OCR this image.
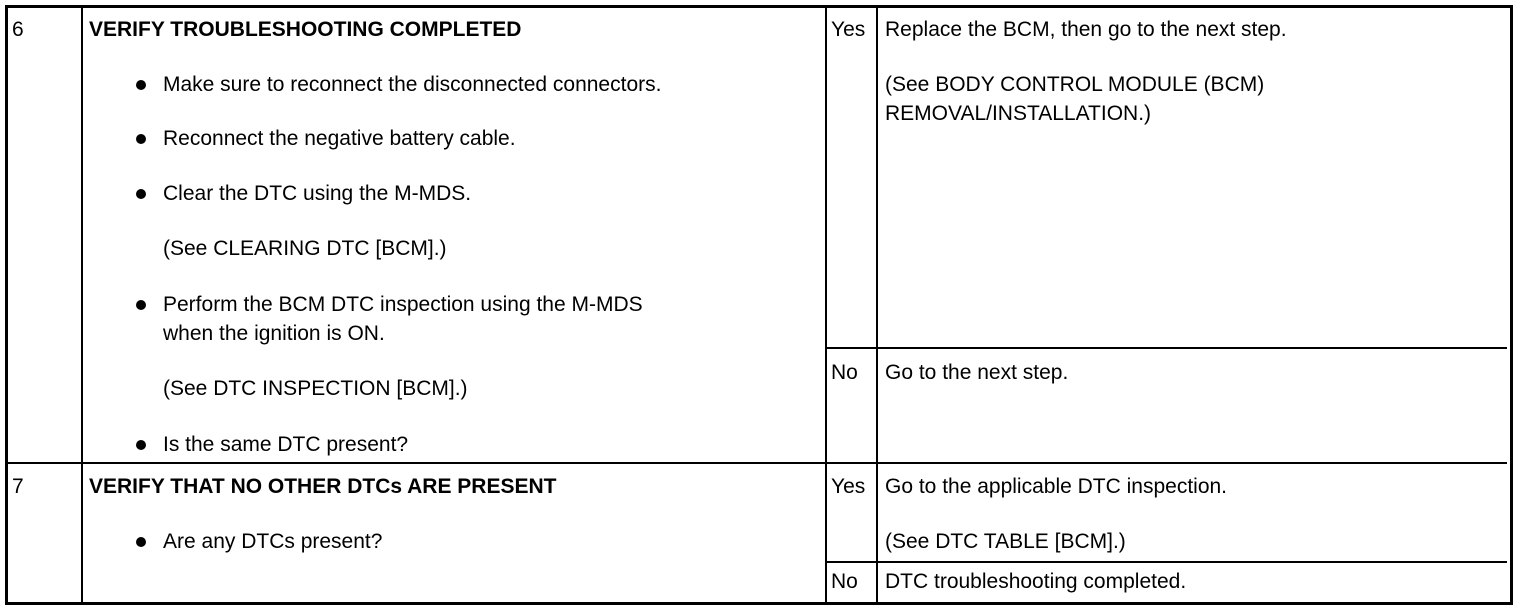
6	VERIFY TROUBLESHOOTING COMPLETED
Make sure to reconnect the disconnected connectors.
Reconnect the negative battery cable.
Clear the DTC using the M-MDS.
(See CLEARING DTC [BCM].)
Perform the BCM DTC inspection using the M-MDS
when the ignition is ON.
(See DTC INSPECTION [BCM].)
Is the same DTC present?
Yes Replace the BCM, then go to the next step.
(See BODY CONTROL MODULE (BCM)
REMOVAL/INSTALLATION.)
No Go to the next step.
7	VERIFY THAT NO OTHER DTCs ARE PRESENT
Are any DTCs present?
Yes Go to the applicable DTC inspection.
(See DTC TABLE [BCM].)
No DTC troubleshooting completed.
